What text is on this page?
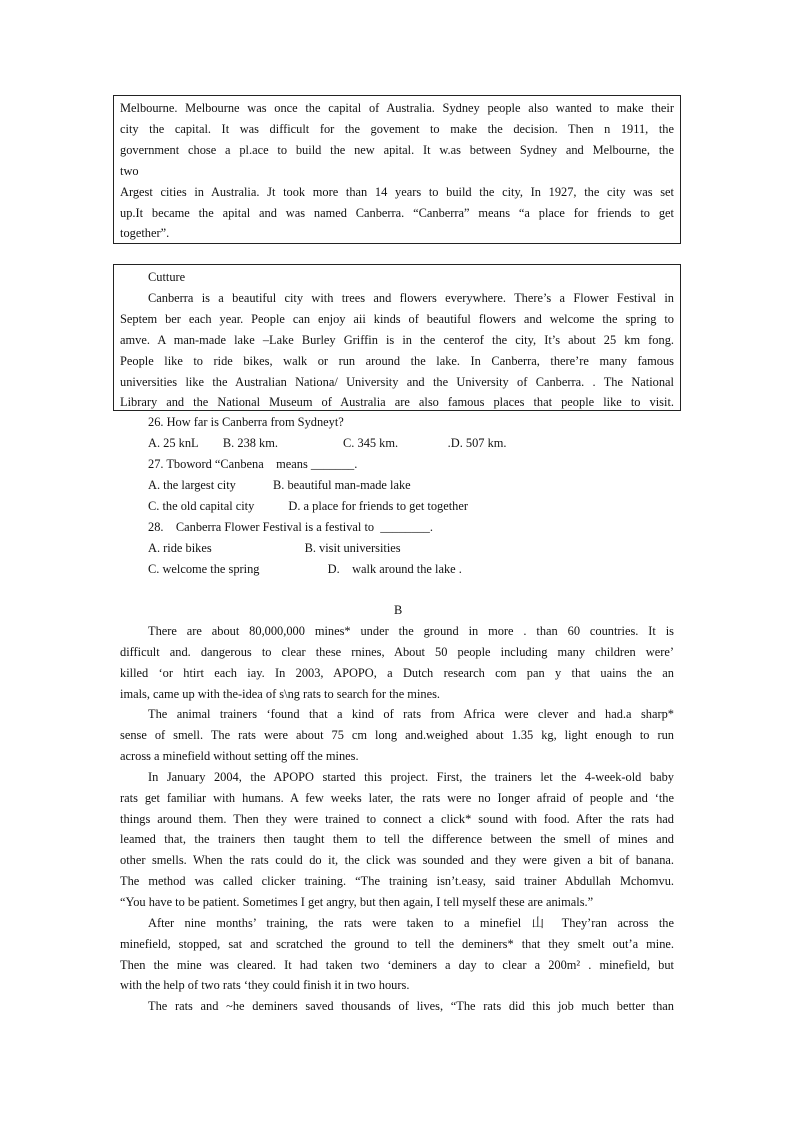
Melbourne. Melbourne was once the capital of Australia. Sydney people also wanted to make their

city the capital. It was difficult for the govement to make the decision. Then n 1911, the

government chose a pl.ace to build the new apital. It w.as between Sydney and Melbourne, the

two

Argest cities in Australia. Jt took more than 14 years to build the city, In 1927, the city was set

up.It became the apital and was named Canberra. “Canberra” means “a place for friends to get

together”.

Cutture

Canberra is a beautiful city with trees and flowers everywhere. There’s a Flower Festival in

Septem ber each year. People can enjoy aii kinds of beautiful flowers and welcome the spring to

amve. A man-made lake –Lake Burley Griffin is in the centerof the city, It’s about 25 km fong.

People like to ride bikes, walk or run around the lake. In Canberra, there’re many famous

universities like the Australian Nationa/ University and the University of Canberra. . The National

Library and the National Museum of Australia are also famous places that people like to visit.

26. How far is Canberra from Sydneyt?

A. 25 knL        B. 238 km.                     C. 345 km.                .D. 507 km.

27. Tboword “Canbena    means _______.

A. the largest city            B. beautiful man-made lake

C. the old capital city           D. a place for friends to get together

28.    Canberra Flower Festival is a festival to  ________.

A. ride bikes                              B. visit universities

C. welcome the spring                      D.    walk around the lake .

B

There are about 80,000,000 mines* under the ground in more . than 60 countries. It is

difficult and. dangerous to clear these rnines, About 50 people including many children were’

killed ‘or htirt each iay. In 2003, APOPO, a Dutch research com pan y that uains the an

imals, came up with the-idea of s\ng rats to search for the mines.

The animal trainers ‘found that a kind of rats from Africa were clever and had.a sharp*

sense of smell. The rats were about 75 cm long and.weighed about 1.35 kg, light enough to run

across a minefield without setting off the mines.

In January 2004, the APOPO started this project. First, the trainers let the 4-week-old baby

rats get familiar with humans. A few weeks later, the rats were no Ionger afraid of people and ‘the

things around them. Then they were trained to connect a click* sound with food. After the rats had

leamed that, the trainers then taught them to tell the difference between the smell of mines and

other smells. When the rats could do it, the click was sounded and they were given a bit of banana.

The method was called clicker training. “The training isn’t.easy, said trainer Abdullah Mchomvu.

“You have to be patient. Sometimes I get angry, but then again, I tell myself these are animals.”

After nine months’ training, the rats were taken to a minefiel 山 They’ran across the

minefield, stopped, sat and scratched the ground to tell the deminers* that they smelt out’a mine.

Then the mine was cleared. It had taken two ‘deminers a day to clear a 200m² . minefield, but

with the help of two rats ‘they could finish it in two hours.

The rats and ~he deminers saved thousands of lives, “The rats did this job much better than
